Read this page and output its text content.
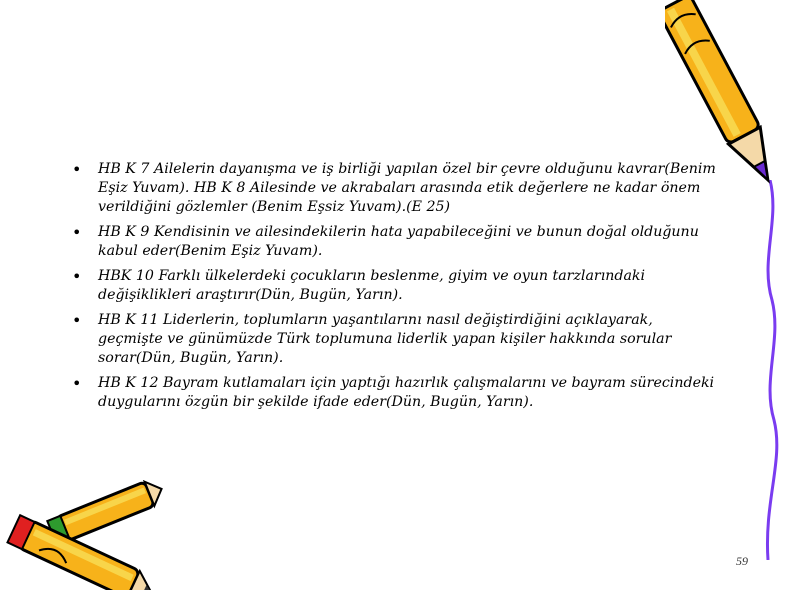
• HB K 7 Ailelerin dayanışma ve iş birliği yapılan özel bir çevre olduğunu kavrar(Benim Eşiz Yuvam). HB K 8 Ailesinde ve akrabaları arasında etik değerlere ne kadar önem verildiğini gözlemler (Benim Eşsiz Yuvam).(E 25)
• HB K 9 Kendisinin ve ailesindekilerin hata yapabileceğini ve bunun doğal olduğunu kabul eder(Benim Eşiz Yuvam).
• HBK 10 Farklı ülkelerdeki çocukların beslenme, giyim ve oyun tarzlarındaki değişiklikleri araştırır(Dün, Bugün, Yarın).
• HB K 11 Liderlerin, toplumların yaşantılarını nasıl değiştirdiğini açıklayarak, geçmişte ve günümüzde Türk toplumuna liderlik yapan kişiler hakkında sorular sorar(Dün, Bugün, Yarın).
• HB K 12 Bayram kutlamaları için yaptığı hazırlık çalışmalarını ve bayram sürecindeki duygularını özgün bir şekilde ifade eder(Dün, Bugün, Yarın).
59
